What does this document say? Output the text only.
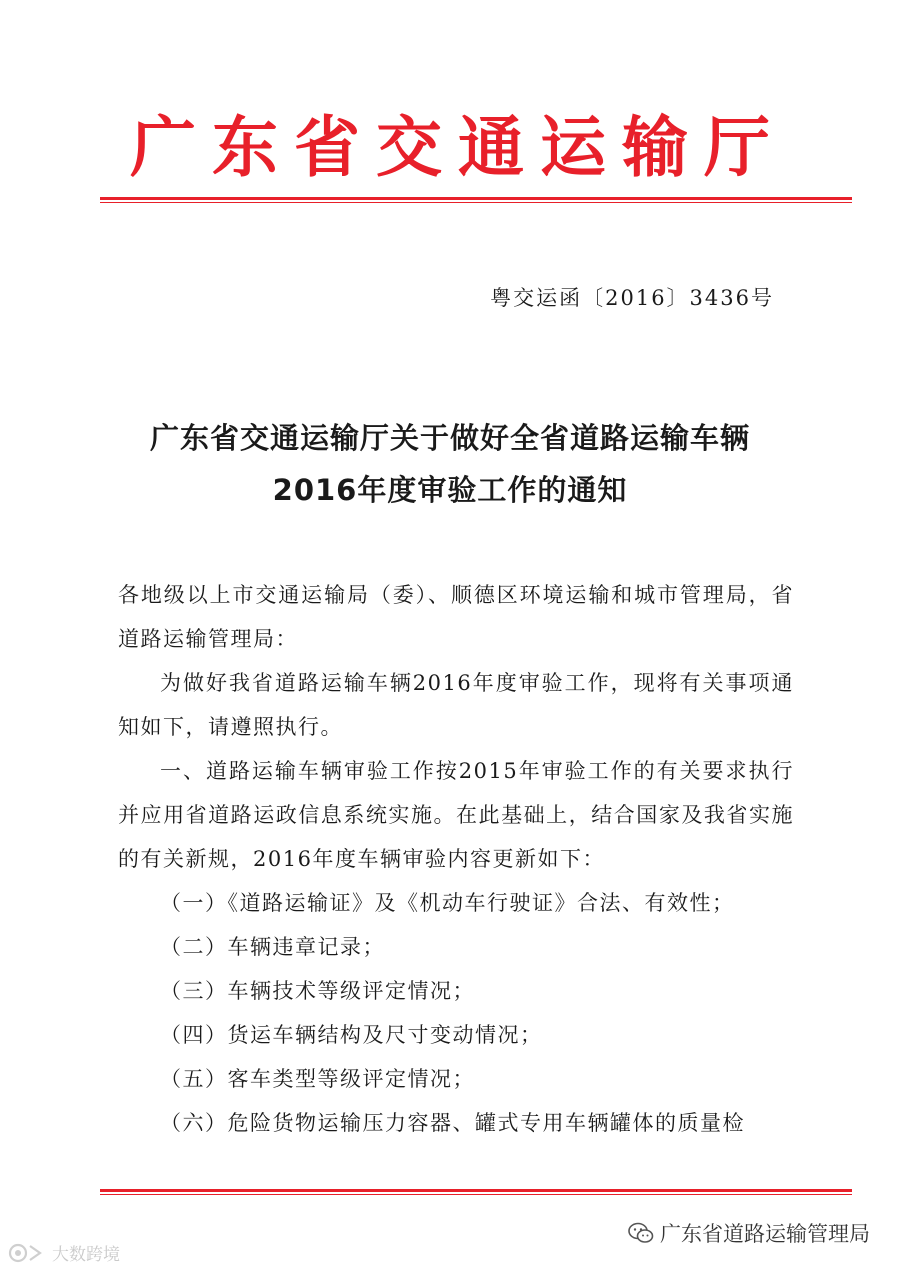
广东省交通运输厅
粤交运函〔2016〕3436号
广东省交通运输厅关于做好全省道路运输车辆
2016年度审验工作的通知

各地级以上市交通运输局（委）、顺德区环境运输和城市管理局，省道路运输管理局：

为做好我省道路运输车辆2016年度审验工作，现将有关事项通知如下，请遵照执行。

一、道路运输车辆审验工作按2015年审验工作的有关要求执行并应用省道路运政信息系统实施。在此基础上，结合国家及我省实施的有关新规，2016年度车辆审验内容更新如下：

（一）《道路运输证》及《机动车行驶证》合法、有效性；

（二）车辆违章记录；

（三）车辆技术等级评定情况；

（四）货运车辆结构及尺寸变动情况；

（五）客车类型等级评定情况；

（六）危险货物运输压力容器、罐式专用车辆罐体的质量检

广东省道路运输管理局
大数跨境
